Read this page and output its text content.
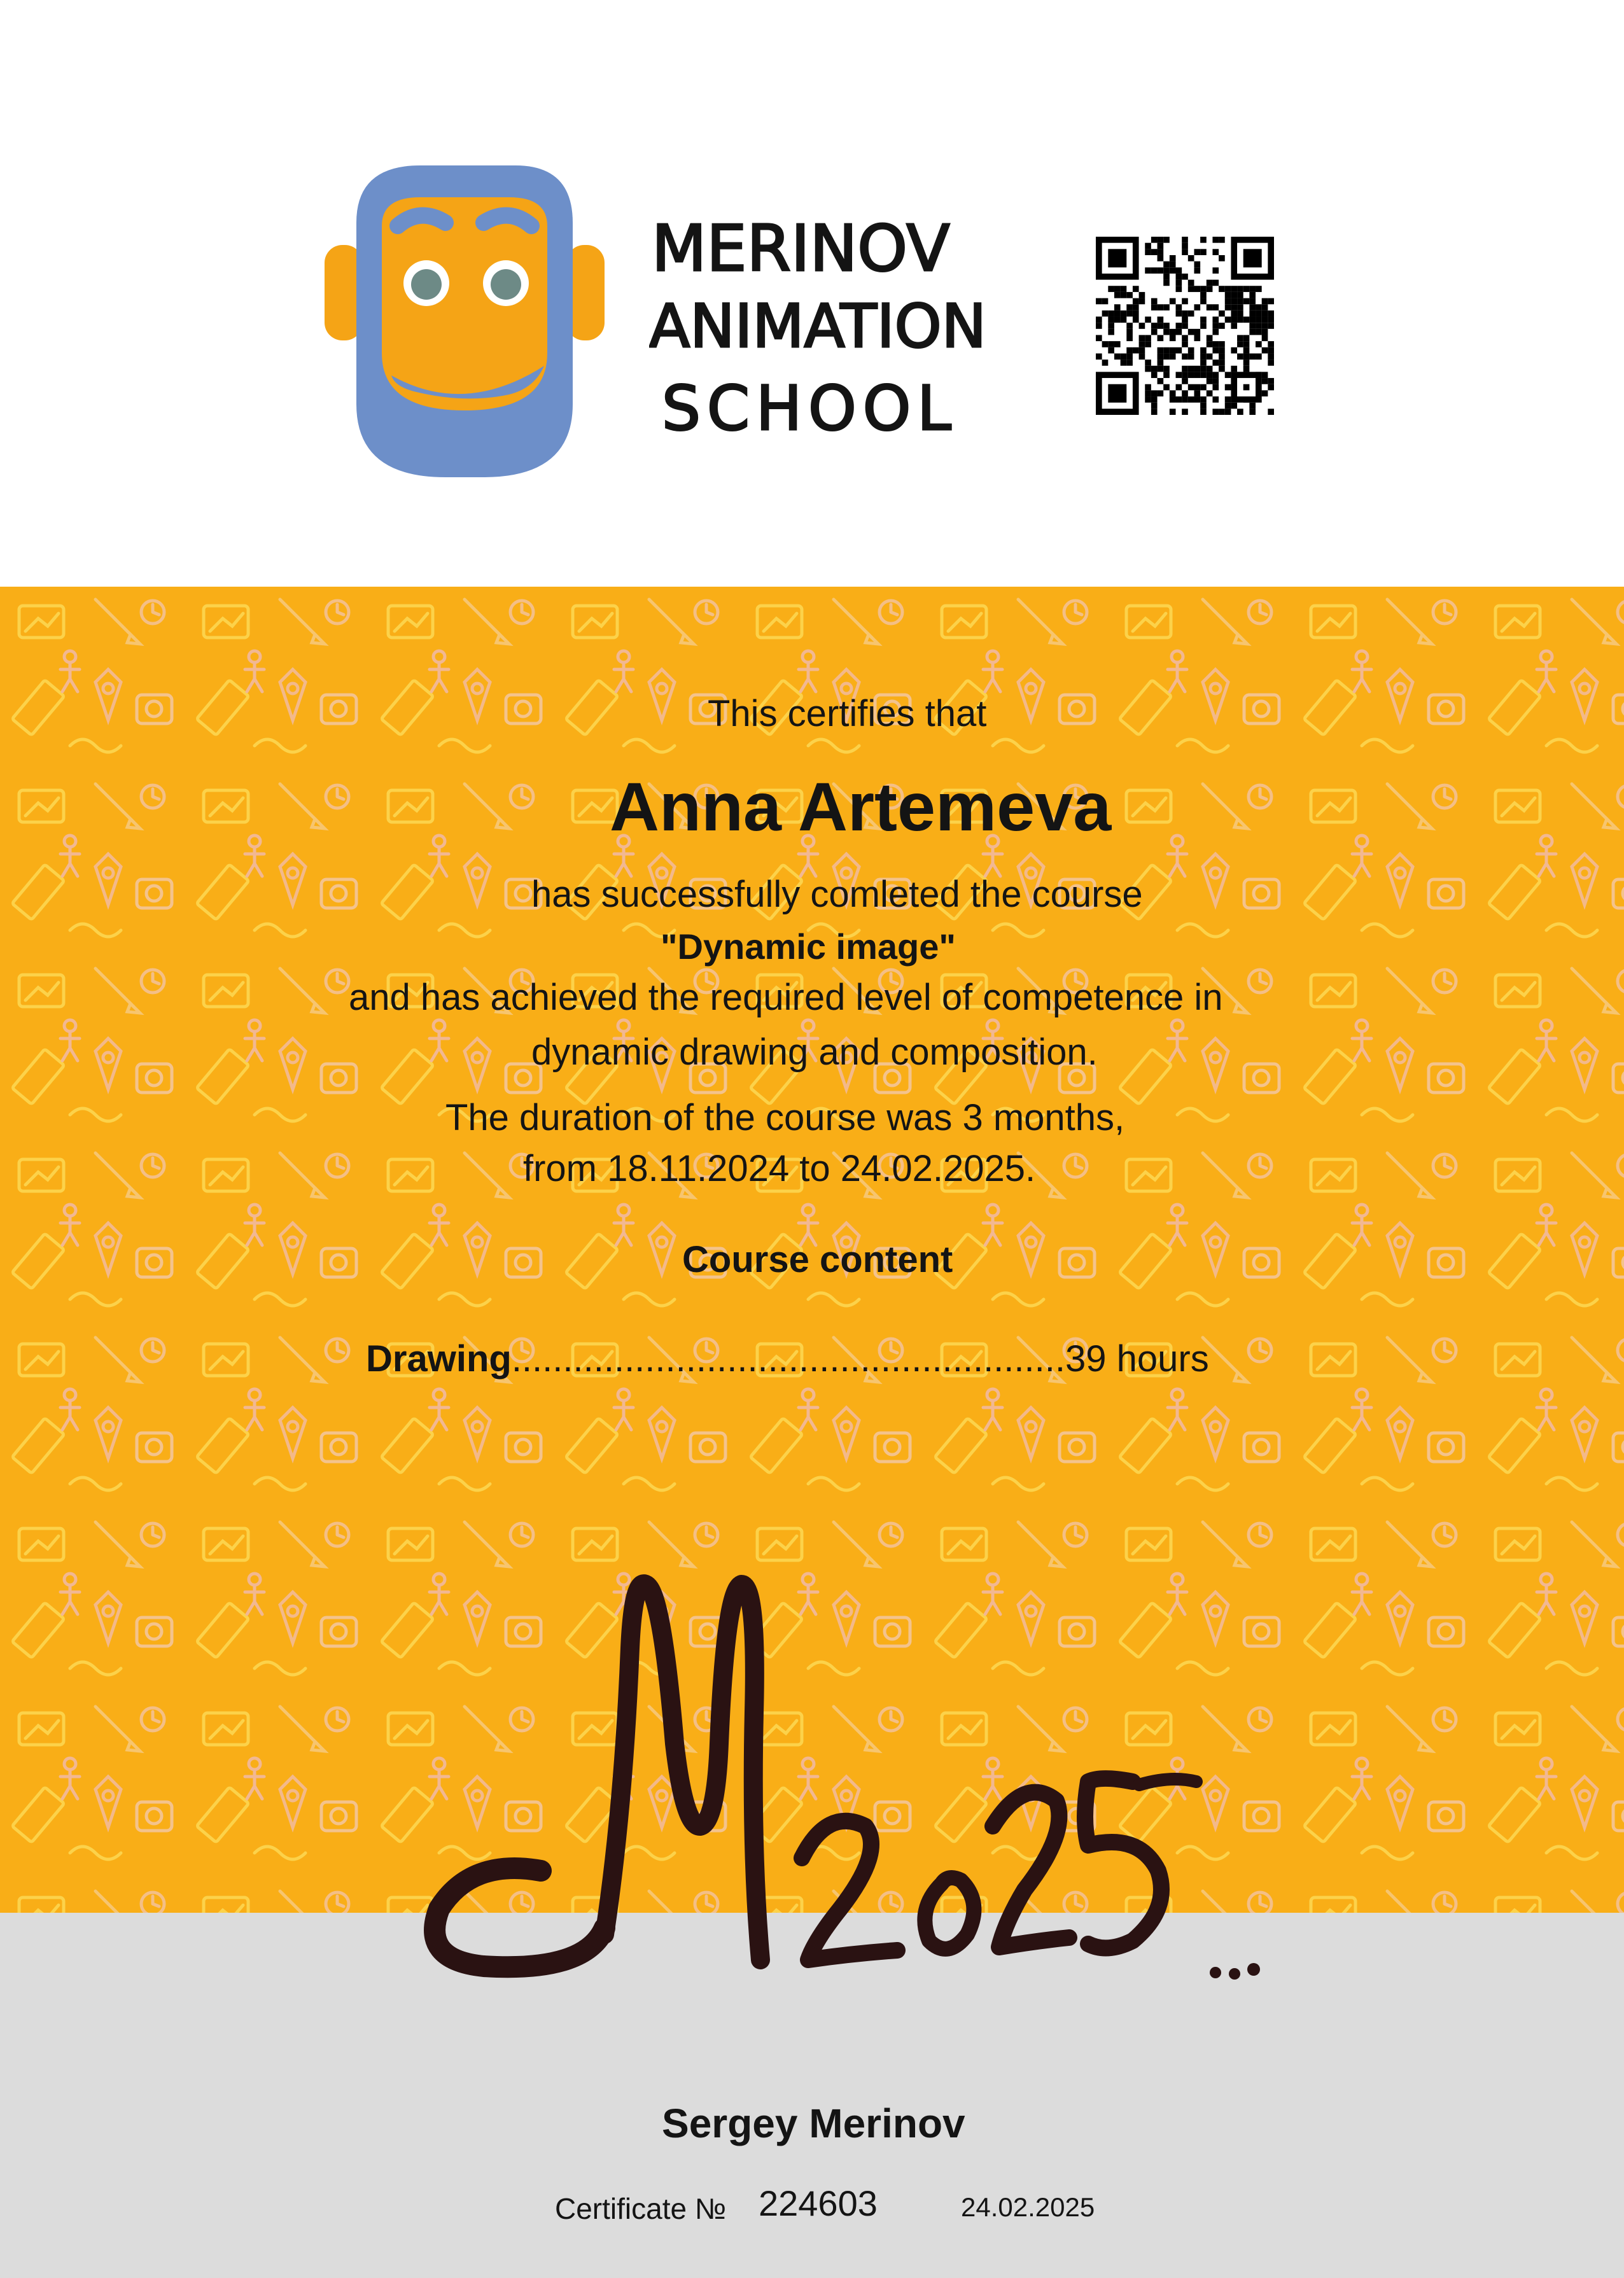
MERINOV
ANIMATION
SCHOOL
This certifies that
Anna Artemeva
has successfully comleted the course
"Dynamic image"
and has achieved the required level of competence in
dynamic drawing and composition.
The duration of the course was 3 months,
from 18.11.2024 to 24.02.2025.
Course content
Drawing......................................................39 hours
Sergey Merinov
Certificate № 224603	24.02.2025
